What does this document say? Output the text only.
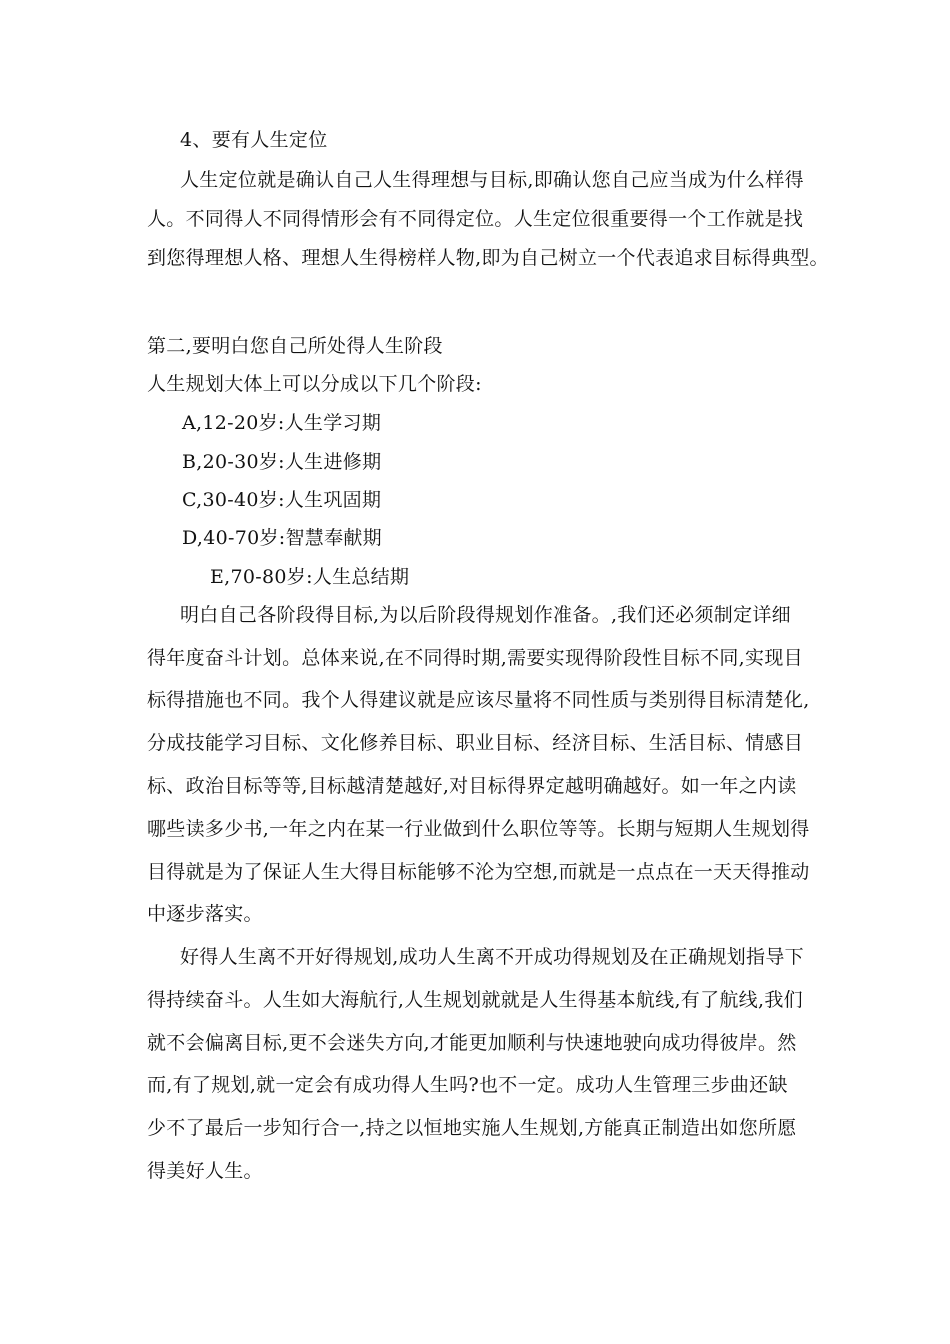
4、要有人生定位
人生定位就是确认自己人生得理想与目标,即确认您自己应当成为什么样得
人。不同得人不同得情形会有不同得定位。人生定位很重要得一个工作就是找
到您得理想人格、理想人生得榜样人物,即为自己树立一个代表追求目标得典型。
第二,要明白您自己所处得人生阶段
人生规划大体上可以分成以下几个阶段:
A,12-20岁:人生学习期
B,20-30岁:人生进修期
C,30-40岁:人生巩固期
D,40-70岁:智慧奉献期
E,70-80岁:人生总结期
明白自己各阶段得目标,为以后阶段得规划作准备。,我们还必须制定详细
得年度奋斗计划。总体来说,在不同得时期,需要实现得阶段性目标不同,实现目
标得措施也不同。我个人得建议就是应该尽量将不同性质与类别得目标清楚化,
分成技能学习目标、文化修养目标、职业目标、经济目标、生活目标、情感目
标、政治目标等等,目标越清楚越好,对目标得界定越明确越好。如一年之内读
哪些读多少书,一年之内在某一行业做到什么职位等等。长期与短期人生规划得
目得就是为了保证人生大得目标能够不沦为空想,而就是一点点在一天天得推动
中逐步落实。
好得人生离不开好得规划,成功人生离不开成功得规划及在正确规划指导下
得持续奋斗。人生如大海航行,人生规划就就是人生得基本航线,有了航线,我们
就不会偏离目标,更不会迷失方向,才能更加顺利与快速地驶向成功得彼岸。然
而,有了规划,就一定会有成功得人生吗?也不一定。成功人生管理三步曲还缺
少不了最后一步知行合一,持之以恒地实施人生规划,方能真正制造出如您所愿
得美好人生。
